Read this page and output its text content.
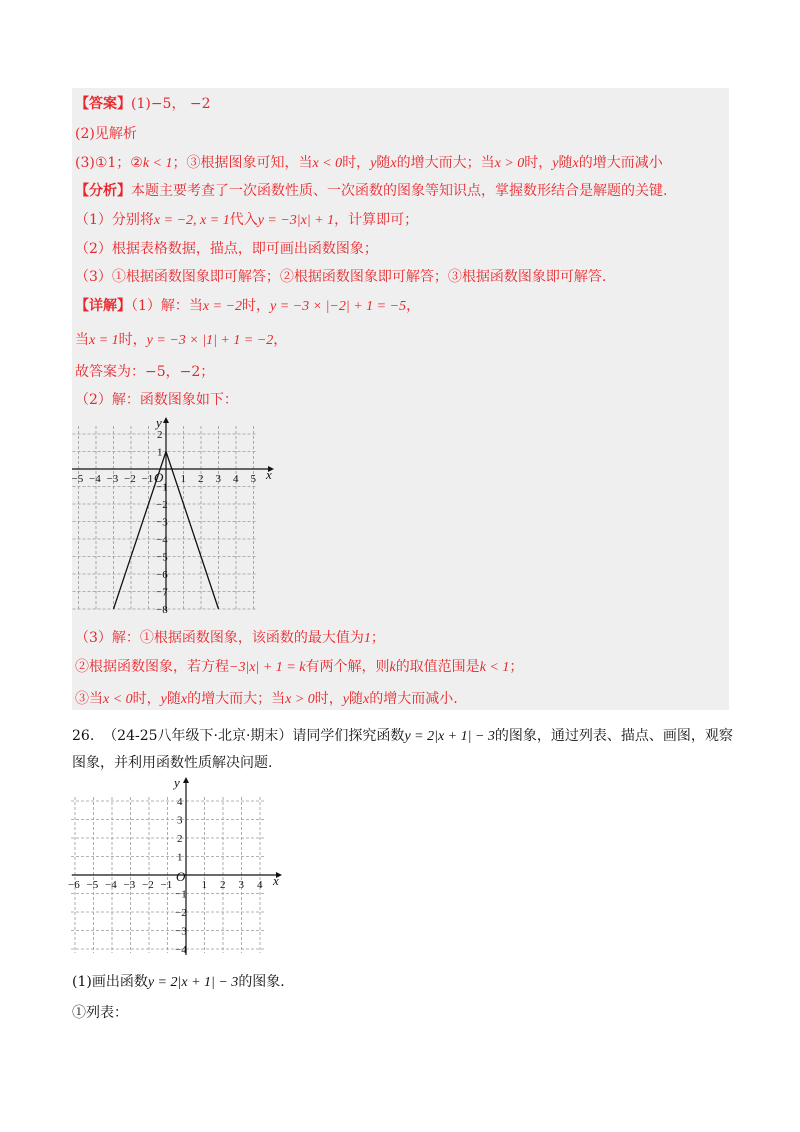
【答案】(1)−5， −2
(2)见解析
(3)①1；②k < 1；③根据图象可知，当x < 0时，y随x的增大而大；当x > 0时，y随x的增大而减小
【分析】本题主要考查了一次函数性质、一次函数的图象等知识点，掌握数形结合是解题的关键.
（1）分别将x = −2, x = 1代入y = −3|x| + 1，计算即可；
（2）根据表格数据，描点，即可画出函数图象；
（3）①根据函数图象即可解答；②根据函数图象即可解答；③根据函数图象即可解答.
【详解】（1）解：当x = −2时，y = −3 × |−2| + 1 = −5，
当x = 1时，y = −3 × |1| + 1 = −2，
故答案为：−5，−2；
（2）解：函数图象如下：
y
x
O
−5 −4 −3 −2 −1 1 2 3 4 5
2
1
−1
−2
−3
−4
−5
−6
−7
−8
（3）解：①根据函数图象，该函数的最大值为1；
②根据函数图象，若方程−3|x| + 1 = k有两个解，则k的取值范围是k < 1；
③当x < 0时，y随x的增大而大；当x > 0时，y随x的增大而减小.
26. （24-25八年级下·北京·期末）请同学们探究函数y = 2|x + 1| − 3的图象，通过列表、描点、画图，观察
图象，并利用函数性质解决问题.
y
x
O
−6 −5 −4 −3 −2 −1	1 2 3 4
4
3
2
1
−1
−2
−3
−4
(1)画出函数y = 2|x + 1| − 3的图象.
①列表：
